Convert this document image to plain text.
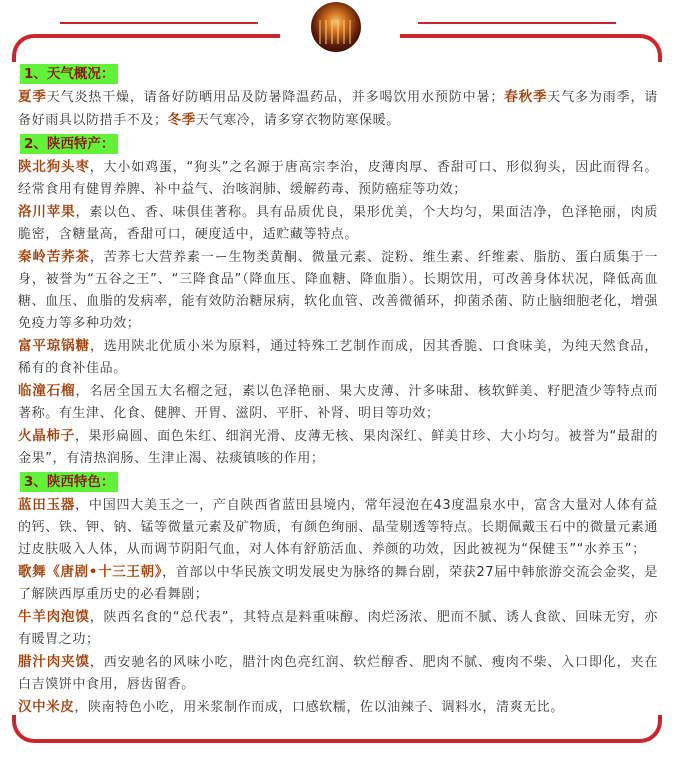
1、天气概况：

夏季天气炎热干燥，请备好防晒用品及防暑降温药品，并多喝饮用水预防中暑；春秋季天气多为雨季，请备好雨具以防措手不及；冬季天气寒冷，请多穿衣物防寒保暖。

2、陕西特产：

陕北狗头枣，大小如鸡蛋，“狗头”之名源于唐高宗李治，皮薄肉厚、香甜可口、形似狗头，因此而得名。经常食用有健胃养脾、补中益气、治咳润肺、缓解药毒、预防癌症等功效；

洛川苹果，素以色、香、味俱佳著称。具有品质优良，果形优美，个大均匀，果面洁净，色泽艳丽，肉质脆密，含糖量高，香甜可口，硬度适中，适贮藏等特点。

秦岭苦荞茶，苦荞七大营养素一ー生物类黄酮、微量元素、淀粉、维生素、纤维素、脂肪、蛋白质集于一身，被誉为“五谷之王”、“三降食品”（降血压、降血糖、降血脂）。长期饮用，可改善身体状况，降低高血糖、血压、血脂的发病率，能有效防治糖尿病，软化血管、改善微循环，抑菌杀菌、防止脑细胞老化，增强免疫力等多种功效；

富平琼锅糖，选用陕北优质小米为原料，通过特殊工艺制作而成，因其香脆、口食味美，为纯天然食品，稀有的食补佳品。

临潼石榴，名居全国五大名榴之冠，素以色泽艳丽、果大皮薄、汁多味甜、核软鲜美、籽肥渣少等特点而著称。有生津、化食、健脾、开胃、滋阴、平肝、补肾、明目等功效；

火晶柿子，果形扁圆、面色朱红、细润光滑、皮薄无核、果肉深红、鲜美甘珍、大小均匀。被誉为“最甜的金果”，有清热润肠、生津止渴、祛痰镇咳的作用；

3、陕西特色：

蓝田玉器，中国四大美玉之一，产自陕西省蓝田县境内，常年浸泡在43度温泉水中，富含大量对人体有益的钙、铁、钾、钠、锰等微量元素及矿物质，有颜色绚丽、晶莹剔透等特点。长期佩戴玉石中的微量元素通过皮肤吸入人体，从而调节阴阳气血，对人体有舒筋活血、养颜的功效，因此被视为“保健玉”“水养玉”；

歌舞《唐剧•十三王朝》，首部以中华民族文明发展史为脉络的舞台剧，荣获27届中韩旅游交流会金奖，是了解陕西厚重历史的必看舞剧；

牛羊肉泡馍，陕西名食的“总代表”，其特点是料重味醇、肉烂汤浓、肥而不腻、诱人食欲、回味无穷，亦有暖胃之功；

腊汁肉夹馍，西安驰名的风味小吃，腊汁肉色亮红润、软烂醇香、肥肉不腻、瘦肉不柴、入口即化，夹在白吉馍饼中食用，唇齿留香。

汉中米皮，陕南特色小吃，用米浆制作而成，口感软糯，佐以油辣子、调料水，清爽无比。
